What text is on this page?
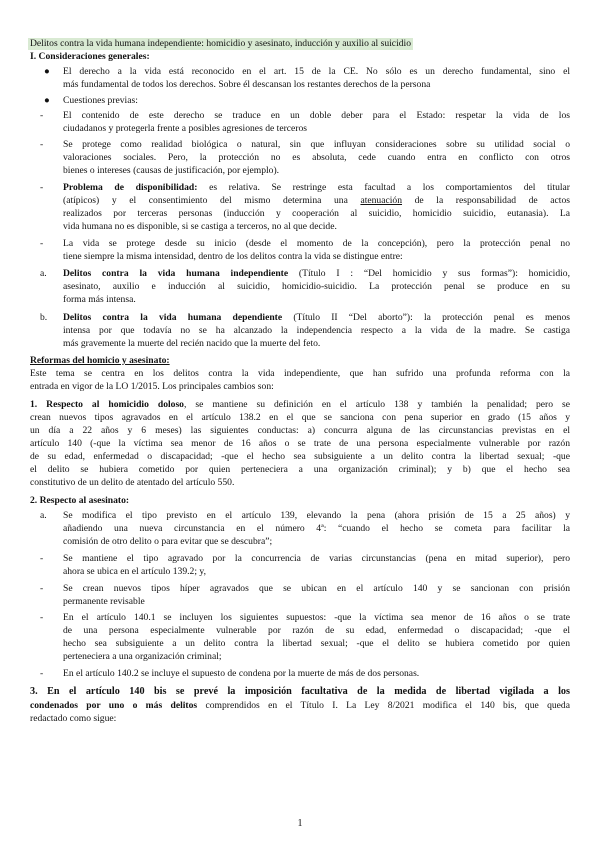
Delitos contra la vida humana independiente: homicidio y asesinato, inducción y auxilio al suicidio
I. Consideraciones generales:
● El derecho a la vida está reconocido en el art. 15 de la CE. No sólo es un derecho fundamental, sino el
más fundamental de todos los derechos. Sobre él descansan los restantes derechos de la persona
● Cuestiones previas:
- El contenido de este derecho se traduce en un doble deber para el Estado: respetar la vida de los
ciudadanos y protegerla frente a posibles agresiones de terceros
- Se protege como realidad biológica o natural, sin que influyan consideraciones sobre su utilidad social o
valoraciones sociales. Pero, la protección no es absoluta, cede cuando entra en conflicto con otros
bienes o intereses (causas de justificación, por ejemplo).
- Problema de disponibilidad: es relativa. Se restringe esta facultad a los comportamientos del titular
(atípicos) y el consentimiento del mismo determina una atenuación de la responsabilidad de actos
realizados por terceras personas (inducción y cooperación al suicidio, homicidio suicidio, eutanasia). La
vida humana no es disponible, si se castiga a terceros, no al que decide.
- La vida se protege desde su inicio (desde el momento de la concepción), pero la protección penal no
tiene siempre la misma intensidad, dentro de los delitos contra la vida se distingue entre:
a. Delitos contra la vida humana independiente (Título I : “Del homicidio y sus formas”): homicidio,
asesinato, auxilio e inducción al suicidio, homicidio-suicidio. La protección penal se produce en su
forma más intensa.
b. Delitos contra la vida humana dependiente (Título II “Del aborto”): la protección penal es menos
intensa por que todavía no se ha alcanzado la independencia respecto a la vida de la madre. Se castiga
más gravemente la muerte del recién nacido que la muerte del feto.
Reformas del homicio y asesinato:
Este tema se centra en los delitos contra la vida independiente, que han sufrido una profunda reforma con la
entrada en vigor de la LO 1/2015. Los principales cambios son:
1. Respecto al homicidio doloso, se mantiene su definición en el artículo 138 y también la penalidad; pero se
crean nuevos tipos agravados en el artículo 138.2 en el que se sanciona con pena superior en grado (15 años y
un día a 22 años y 6 meses) las siguientes conductas: a) concurra alguna de las circunstancias previstas en el
artículo 140 (-que la víctima sea menor de 16 años o se trate de una persona especialmente vulnerable por razón
de su edad, enfermedad o discapacidad; -que el hecho sea subsiguiente a un delito contra la libertad sexual; -que
el delito se hubiera cometido por quien perteneciera a una organización criminal); y b) que el hecho sea
constitutivo de un delito de atentado del artículo 550.
2. Respecto al asesinato:
a. Se modifica el tipo previsto en el artículo 139, elevando la pena (ahora prisión de 15 a 25 años) y
añadiendo una nueva circunstancia en el número 4ª: “cuando el hecho se cometa para facilitar la
comisión de otro delito o para evitar que se descubra”;
- Se mantiene el tipo agravado por la concurrencia de varias circunstancias (pena en mitad superior), pero
ahora se ubica en el artículo 139.2; y,
- Se crean nuevos tipos híper agravados que se ubican en el artículo 140 y se sancionan con prisión
permanente revisable
- En el artículo 140.1 se incluyen los siguientes supuestos: -que la víctima sea menor de 16 años o se trate
de una persona especialmente vulnerable por razón de su edad, enfermedad o discapacidad; -que el
hecho sea subsiguiente a un delito contra la libertad sexual; -que el delito se hubiera cometido por quien
perteneciera a una organización criminal;
- En el artículo 140.2 se incluye el supuesto de condena por la muerte de más de dos personas.
3. En el artículo 140 bis se prevé la imposición facultativa de la medida de libertad vigilada a los
condenados por uno o más delitos comprendidos en el Título I. La Ley 8/2021 modifica el 140 bis, que queda
redactado como sigue:
1
